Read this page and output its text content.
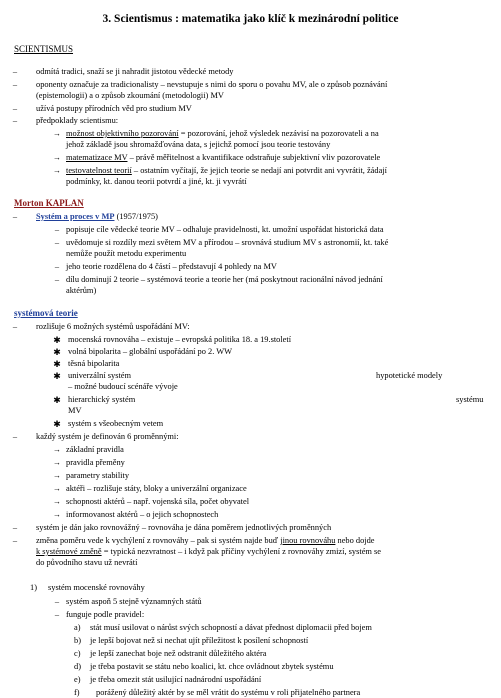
3. Scientismus : matematika jako klíč k mezinárodní politice
SCIENTISMUS
–	odmítá tradici, snaží se ji nahradit jistotou vědecké metody
–	oponenty označuje za tradicionalisty – nevstupuje s nimi do sporu o povahu MV, ale o způsob poznávání
(epistemologii) a o způsob zkoumání (metodologii) MV
–	užívá postupy přírodních věd pro studium MV
–	předpoklady scientismu:
→ možnost objektivního pozorování = pozorování, jehož výsledek nezávisí na pozorovateli a na
jehož základě jsou shromažďována data, s jejichž pomocí jsou teorie testovány
→ matematizace MV – právě měřitelnost a kvantifikace odstraňuje subjektivní vliv pozorovatele
→ testovatelnost teorií – ostatním vyčítají, že jejich teorie se nedají ani potvrdit ani vyvrátit, žádají
podmínky, kt. danou teorii potvrdí a jiné, kt. ji vyvrátí
Morton KAPLAN
–	Systém a proces v MP (1957/1975)
– popisuje cíle vědecké teorie MV – odhaluje pravidelnosti, kt. umožní uspořádat historická data
– uvědomuje si rozdíly mezi světem MV a přírodou – srovnává studium MV s astronomií, kt. také
nemůže použít metodu experimentu
– jeho teorie rozdělena do 4 částí – představují 4 pohledy na MV
– dílu dominují 2 teorie – systémová teorie a teorie her (má poskytnout racionální návod jednání
aktérům)
systémová teorie
–	rozlišuje 6 možných systémů uspořádání MV:
✱ mocenská rovnováha – existuje – evropská politika 18. a 19.století
✱ volná bipolarita – globální uspořádání po 2. WW
✱ těsná bipolarita
✱ univerzální systém	hypotetické modely
– možné budoucí scénáře vývoje
✱ hierarchický systém	systému
MV
✱ systém s všeobecným vetem
–	každý systém je definován 6 proměnnými:
→ základní pravidla
→ pravidla přeměny
→ parametry stability
→ aktéři – rozlišuje státy, bloky a univerzální organizace
→ schopnosti aktérů – např. vojenská síla, počet obyvatel
→ informovanost aktérů – o jejich schopnostech
–	systém je dán jako rovnovážný – rovnováha je dána poměrem jednotlivých proměnných
–	změna poměru vede k vychýlení z rovnováhy – pak si systém najde buď jinou rovnováhu nebo dojde
k systémové změně = typická nezvratnost – i když pak příčiny vychýlení z rovnováhy zmizí, systém se
do původního stavu už nevrátí
1) systém mocenské rovnováhy
– systém aspoň 5 stejně významných států
– funguje podle pravidel:
a) stát musí usilovat o nárůst svých schopností a dávat přednost diplomacii před bojem
b) je lepší bojovat než si nechat ujít příležitost k posílení schopností
c) je lepší zanechat boje než odstranit důležitého aktéra
d) je třeba postavit se státu nebo koalici, kt. chce ovládnout zbytek systému
e) je třeba omezit stát usilující nadnárodní uspořádání
f) porážený důležitý aktér by se měl vrátit do systému v roli přijatelného partnera
